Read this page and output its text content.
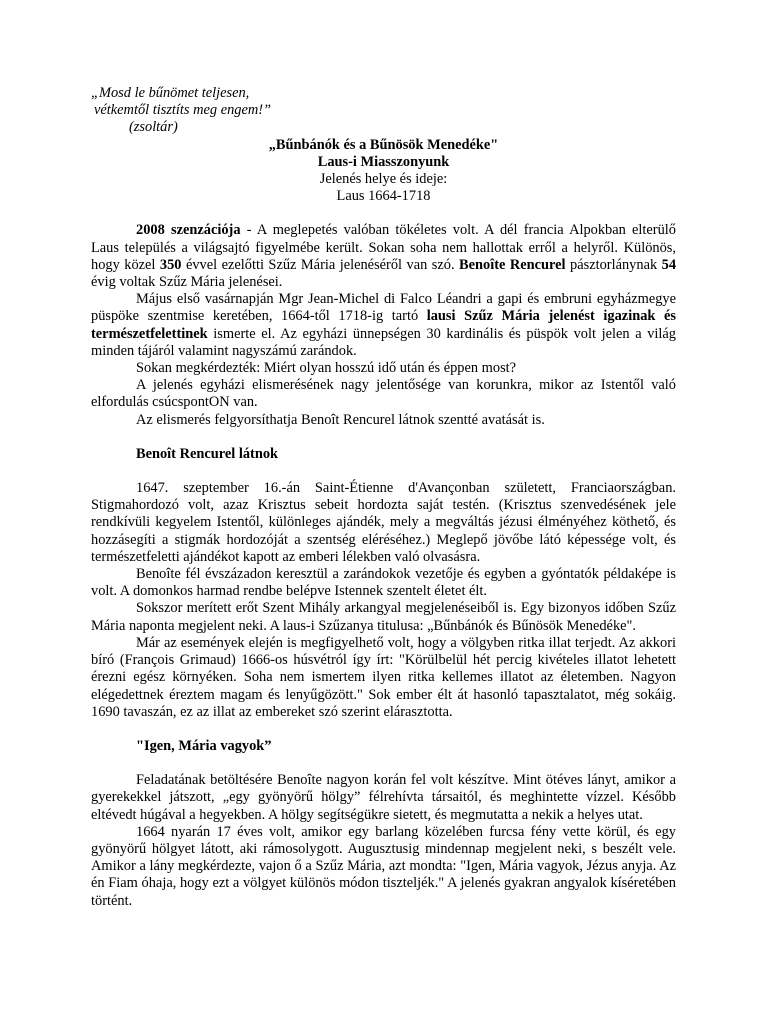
„Mosd le bűnömet teljesen,
vétkemtől tisztíts meg engem!”
(zsoltár)
„Bűnbánók és a Bűnösök Menedéke"
Laus-i Miasszonyunk
Jelenés helye és ideje:
Laus 1664-1718

2008 szenzációja - A meglepetés valóban tökéletes volt. A dél francia Alpokban elterülő Laus település a világsajtó figyelmébe került. Sokan soha nem hallottak erről a helyről. Különös, hogy közel 350 évvel ezelőtti Szűz Mária jelenéséről van szó. Benoîte Rencurel pásztorlánynak 54 évig voltak Szűz Mária jelenései.

Május első vasárnapján Mgr Jean-Michel di Falco Léandri a gapi és embruni egyházmegye püspöke szentmise keretében, 1664-től 1718-ig tartó lausi Szűz Mária jelenést igazinak és természetfelettinek ismerte el. Az egyházi ünnepségen 30 kardinális és püspök volt jelen a világ minden tájáról valamint nagyszámú zarándok.

Sokan megkérdezték: Miért olyan hosszú idő után és éppen most?

A jelenés egyházi elismerésének nagy jelentősége van korunkra, mikor az Istentől való elfordulás csúcspontON van.

Az elismerés felgyorsíthatja Benoît Rencurel látnok szentté avatását is.

Benoît Rencurel látnok

1647. szeptember 16.-án Saint-Étienne d'Avançonban született, Franciaországban. Stigmahordozó volt, azaz Krisztus sebeit hordozta saját testén. (Krisztus szenvedésének jele rendkívüli kegyelem Istentől, különleges ajándék, mely a megváltás jézusi élményéhez köthető, és hozzásegíti a stigmák hordozóját a szentség eléréséhez.) Meglepő jövőbe látó képessége volt, és természetfeletti ajándékot kapott az emberi lélekben való olvasásra.

Benoîte fél évszázadon keresztül a zarándokok vezetője és egyben a gyóntatók példaképe is volt. A domonkos harmad rendbe belépve Istennek szentelt életet élt.

Sokszor merített erőt Szent Mihály arkangyal megjelenéseiből is. Egy bizonyos időben Szűz Mária naponta megjelent neki. A laus-i Szűzanya titulusa: „Bűnbánók és Bűnösök Menedéke".

Már az események elején is megfigyelhető volt, hogy a völgyben ritka illat terjedt. Az akkori bíró (François Grimaud) 1666-os húsvétról így írt: "Körülbelül hét percig kivételes illatot lehetett érezni egész környéken. Soha nem ismertem ilyen ritka kellemes illatot az életemben. Nagyon elégedettnek éreztem magam és lenyűgözött." Sok ember élt át hasonló tapasztalatot, még sokáig. 1690 tavaszán, ez az illat az embereket szó szerint elárasztotta.

"Igen, Mária vagyok”

Feladatának betöltésére Benoîte nagyon korán fel volt készítve. Mint ötéves lányt, amikor a gyerekekkel játszott, „egy gyönyörű hölgy” félrehívta társaitól, és meghintette vízzel. Később eltévedt húgával a hegyekben. A hölgy segítségükre sietett, és megmutatta a nekik a helyes utat.

1664 nyarán 17 éves volt, amikor egy barlang közelében furcsa fény vette körül, és egy gyönyörű hölgyet látott, aki rámosolygott. Augusztusig mindennap megjelent neki, s beszélt vele. Amikor a lány megkérdezte, vajon ő a Szűz Mária, azt mondta: "Igen, Mária vagyok, Jézus anyja. Az én Fiam óhaja, hogy ezt a völgyet különös módon tiszteljék." A jelenés gyakran angyalok kíséretében történt.
